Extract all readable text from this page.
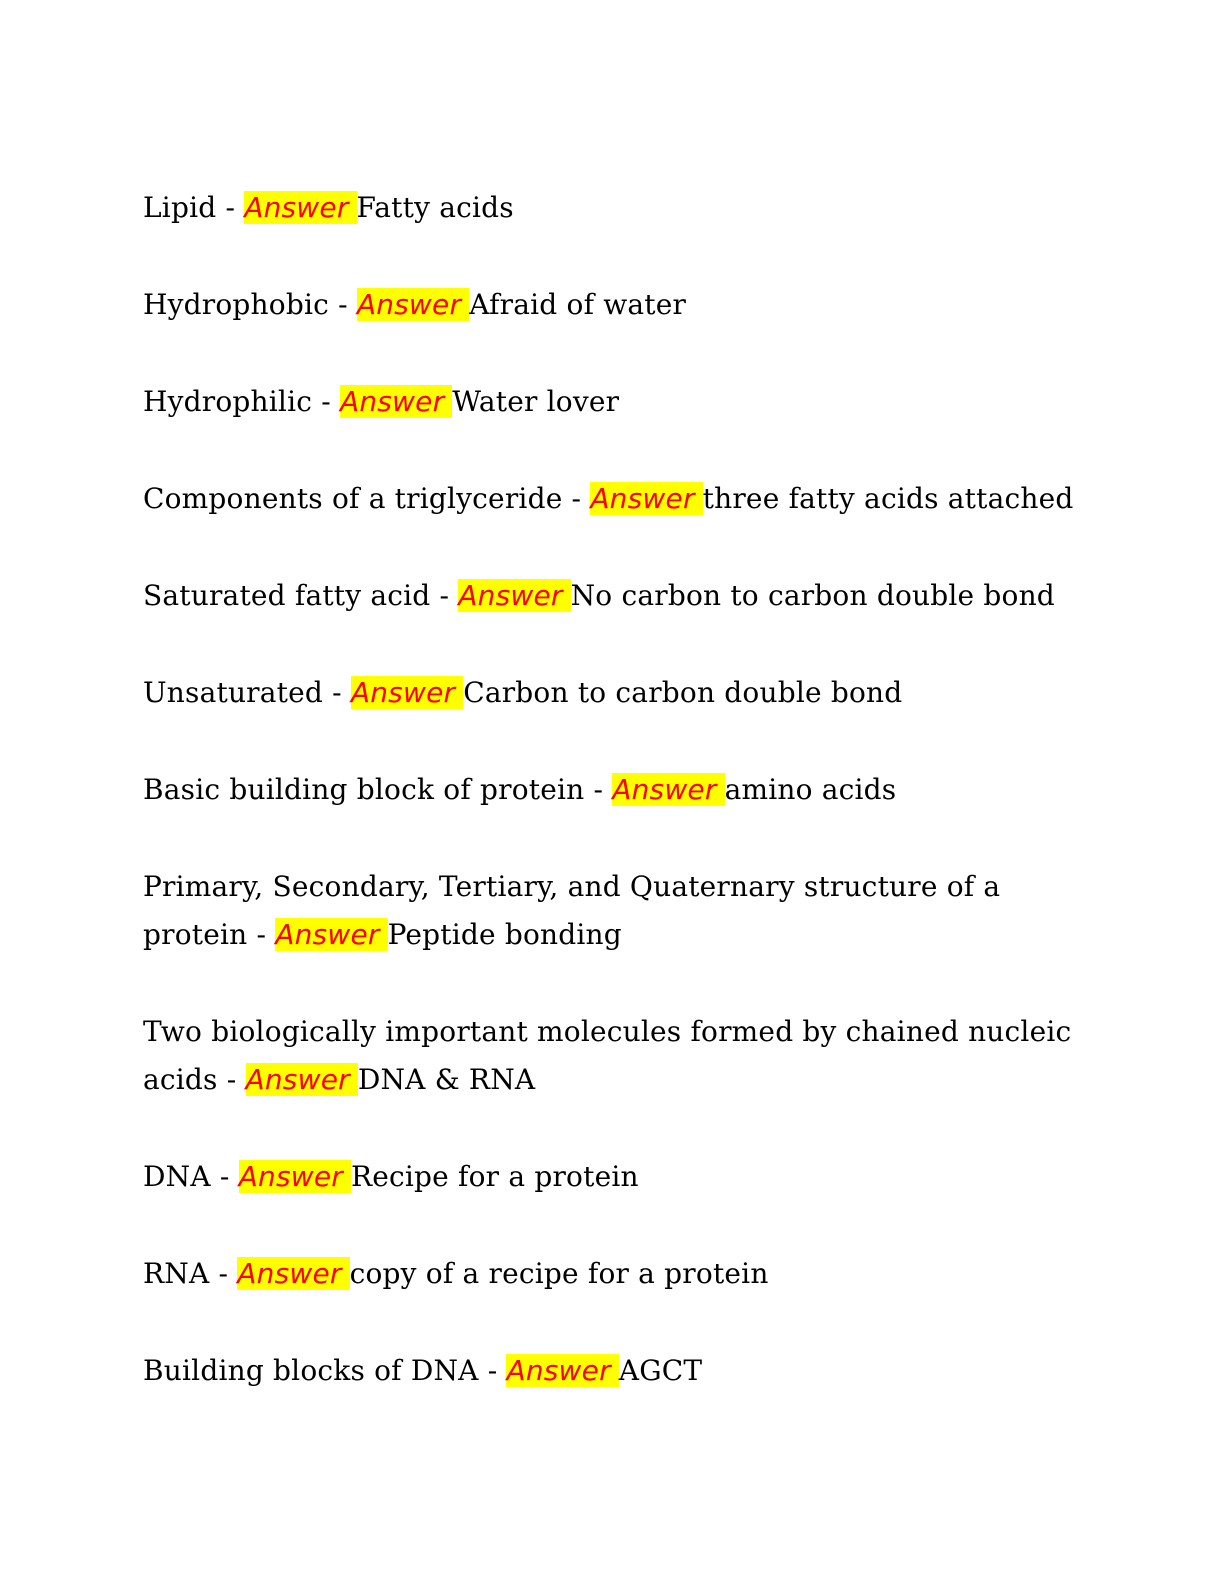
Lipid - Answer Fatty acids

Hydrophobic - Answer Afraid of water

Hydrophilic - Answer Water lover

Components of a triglyceride - Answer three fatty acids attached

Saturated fatty acid - Answer No carbon to carbon double bond

Unsaturated - Answer Carbon to carbon double bond

Basic building block of protein - Answer amino acids

Primary, Secondary, Tertiary, and Quaternary structure of a protein - Answer Peptide bonding

Two biologically important molecules formed by chained nucleic acids - Answer DNA & RNA

DNA - Answer Recipe for a protein

RNA - Answer copy of a recipe for a protein

Building blocks of DNA - Answer AGCT
